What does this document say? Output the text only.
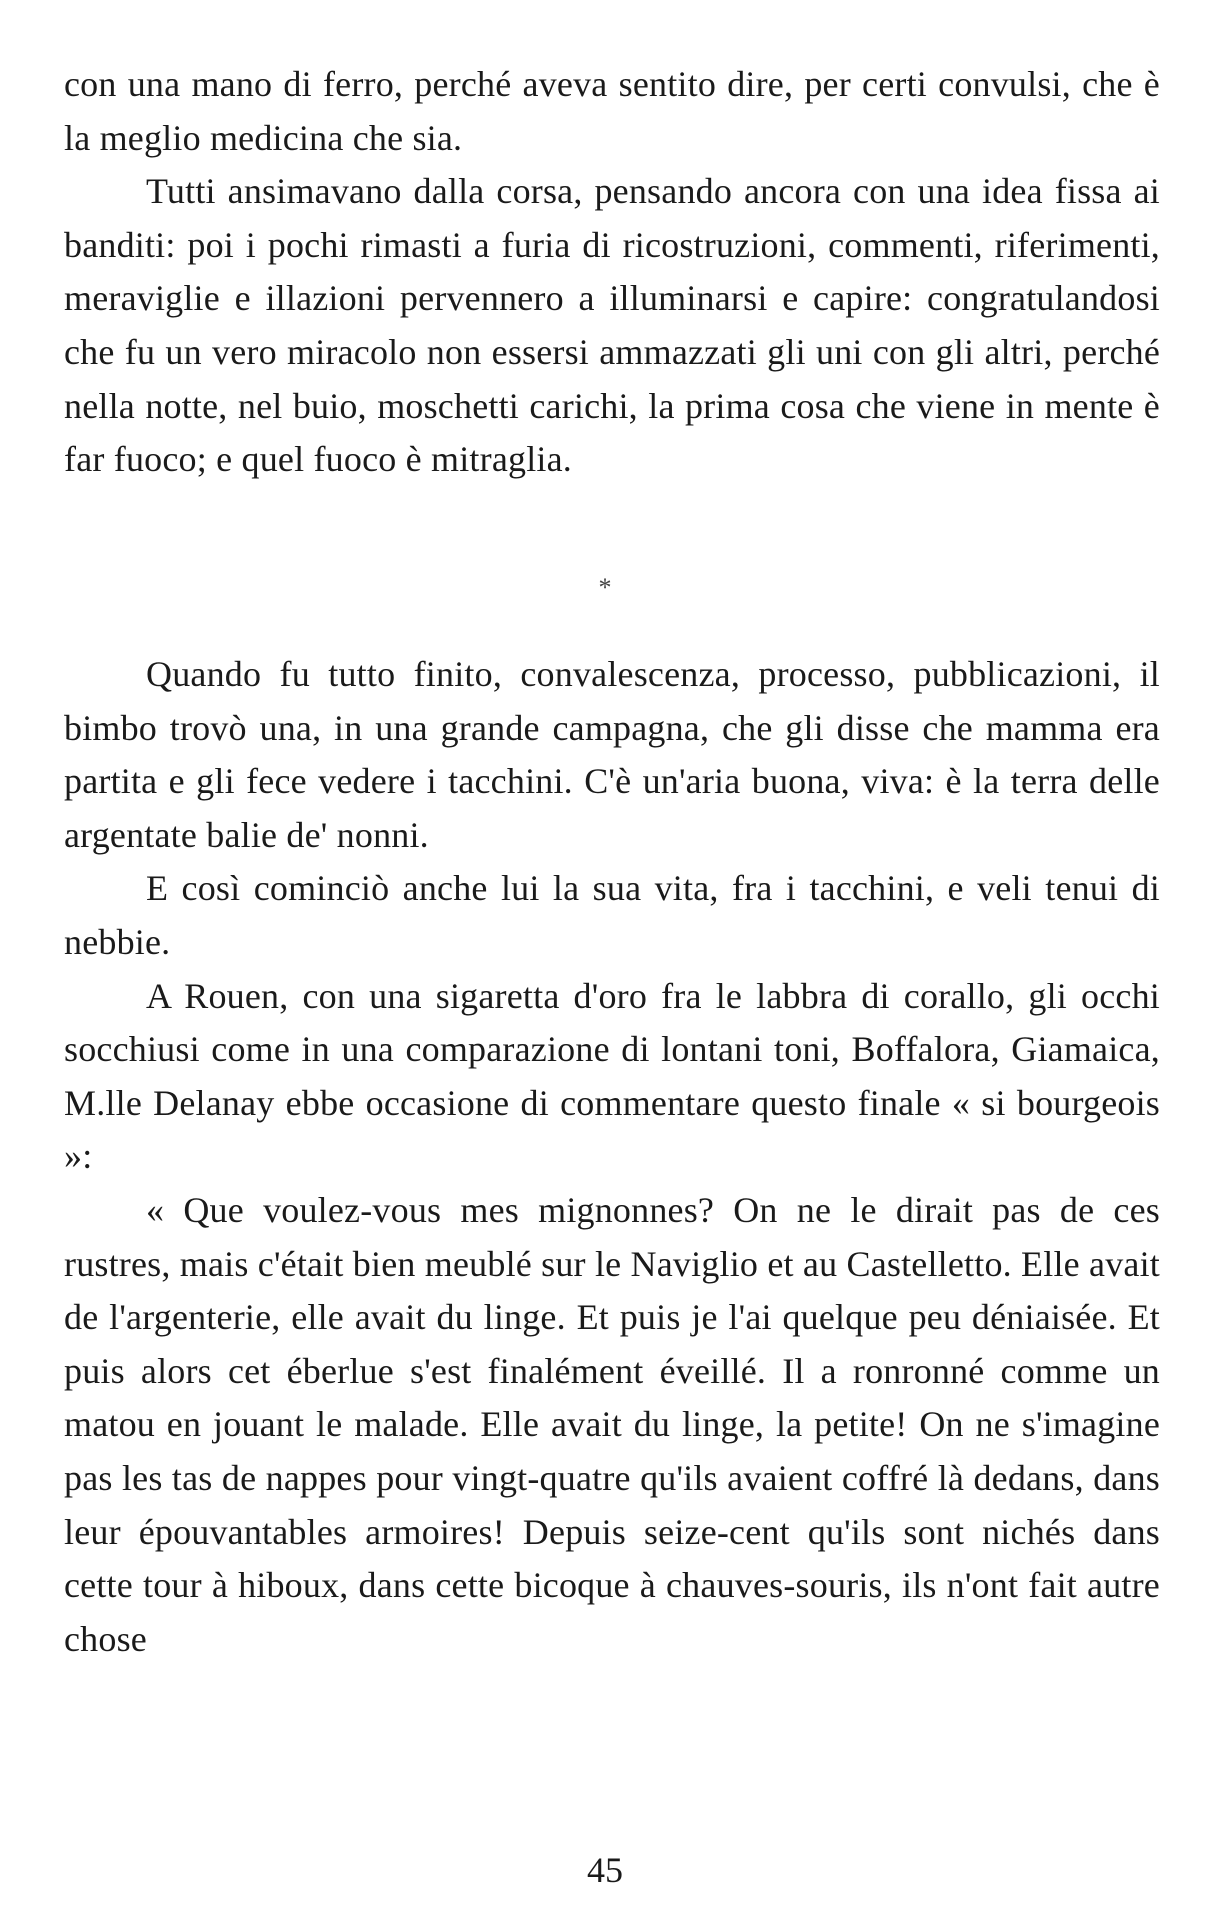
con una mano di ferro, perché aveva sentito dire, per certi convulsi, che è la meglio medicina che sia.

Tutti ansimavano dalla corsa, pensando ancora con una idea fissa ai banditi: poi i pochi rimasti a furia di ricostruzioni, commenti, riferimenti, meraviglie e illazioni pervennero a illuminarsi e capire: congratulandosi che fu un vero miracolo non essersi ammazzati gli uni con gli altri, perché nella notte, nel buio, moschetti carichi, la prima cosa che viene in mente è far fuoco; e quel fuoco è mitraglia.

*

Quando fu tutto finito, convalescenza, processo, pubblicazioni, il bimbo trovò una, in una grande campagna, che gli disse che mamma era partita e gli fece vedere i tacchini. C'è un'aria buona, viva: è la terra delle argentate balie de' nonni.

E così cominciò anche lui la sua vita, fra i tacchini, e veli tenui di nebbie.

A Rouen, con una sigaretta d'oro fra le labbra di corallo, gli occhi socchiusi come in una comparazione di lontani toni, Boffalora, Giamaica, M.lle Delanay ebbe occasione di commentare questo finale « si bourgeois »:

« Que voulez-vous mes mignonnes? On ne le dirait pas de ces rustres, mais c'était bien meublé sur le Naviglio et au Castelletto. Elle avait de l'argenterie, elle avait du linge. Et puis je l'ai quelque peu déniaisée. Et puis alors cet éberlue s'est finalément éveillé. Il a ronronné comme un matou en jouant le malade. Elle avait du linge, la petite! On ne s'imagine pas les tas de nappes pour vingt-quatre qu'ils avaient coffré là dedans, dans leur épouvantables armoires! Depuis seize-cent qu'ils sont nichés dans cette tour à hiboux, dans cette bicoque à chauves-souris, ils n'ont fait autre chose

45
